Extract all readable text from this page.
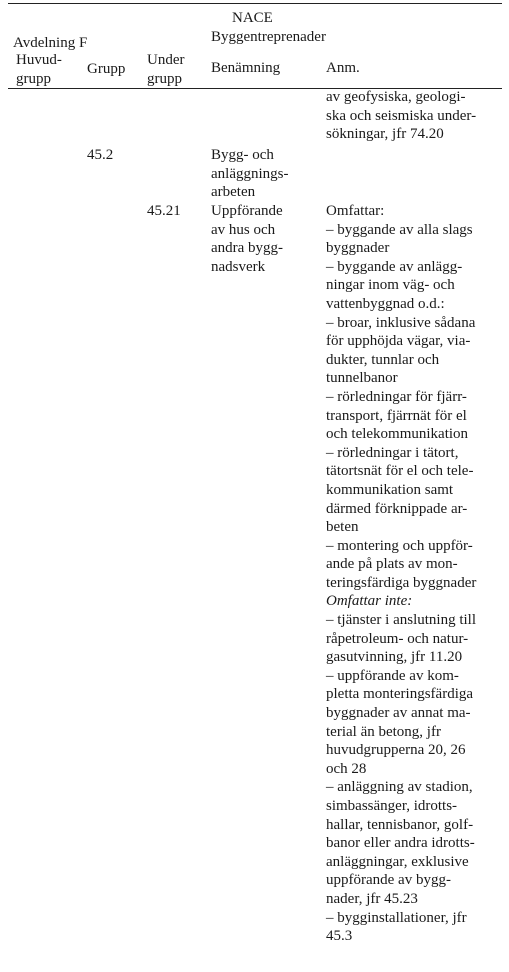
NACE
Byggentreprenader
Avdelning F
Huvud-
grupp
Grupp
Under
grupp
Benämning	Anm.
av geofysiska, geologi-
ska och seismiska under-
sökningar, jfr 74.20
45.2	Bygg- och
anläggnings-
arbeten
45.21 Uppförande
av hus och
andra bygg-
nadsverk
Omfattar:
– byggande av alla slags
byggnader
– byggande av anlägg-
ningar inom väg- och
vattenbyggnad o.d.:
– broar, inklusive sådana
för upphöjda vägar, via-
dukter, tunnlar och
tunnelbanor
– rörledningar för fjärr-
transport, fjärrnät för el
och telekommunikation
– rörledningar i tätort,
tätortsnät för el och tele-
kommunikation samt
därmed förknippade ar-
beten
– montering och uppför-
ande på plats av mon-
teringsfärdiga byggnader
Omfattar inte:
– tjänster i anslutning till
råpetroleum- och natur-
gasutvinning, jfr 11.20
– uppförande av kom-
pletta monteringsfärdiga
byggnader av annat ma-
terial än betong, jfr
huvudgrupperna 20, 26
och 28
– anläggning av stadion,
simbassänger, idrotts-
hallar, tennisbanor, golf-
banor eller andra idrotts-
anläggningar, exklusive
uppförande av bygg-
nader, jfr 45.23
– bygginstallationer, jfr
45.3
